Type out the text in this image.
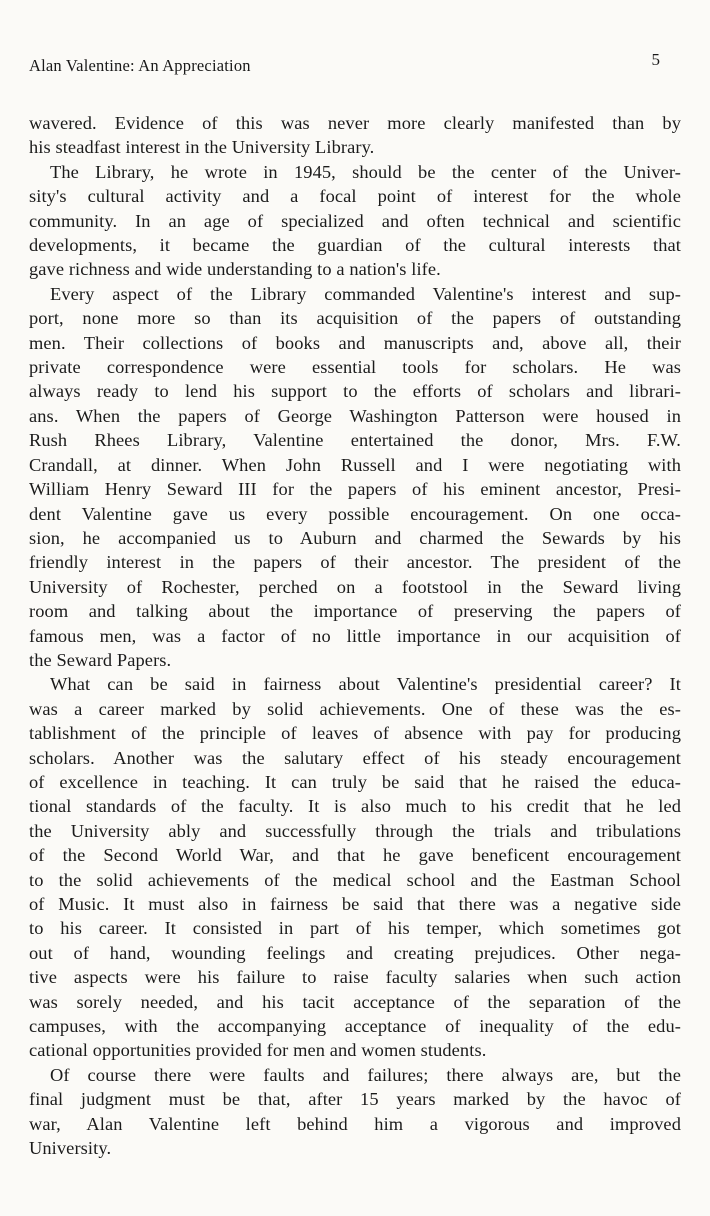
Alan Valentine: An Appreciation	5
wavered. Evidence of this was never more clearly manifested than by
his steadfast interest in the University Library.
The Library, he wrote in 1945, should be the center of the Univer-
sity's cultural activity and a focal point of interest for the whole
community. In an age of specialized and often technical and scientific
developments, it became the guardian of the cultural interests that
gave richness and wide understanding to a nation's life.
Every aspect of the Library commanded Valentine's interest and sup-
port, none more so than its acquisition of the papers of outstanding
men. Their collections of books and manuscripts and, above all, their
private correspondence were essential tools for scholars. He was
always ready to lend his support to the efforts of scholars and librari-
ans. When the papers of George Washington Patterson were housed in
Rush Rhees Library, Valentine entertained the donor, Mrs. F.W.
Crandall, at dinner. When John Russell and I were negotiating with
William Henry Seward III for the papers of his eminent ancestor, Presi-
dent Valentine gave us every possible encouragement. On one occa-
sion, he accompanied us to Auburn and charmed the Sewards by his
friendly interest in the papers of their ancestor. The president of the
University of Rochester, perched on a footstool in the Seward living
room and talking about the importance of preserving the papers of
famous men, was a factor of no little importance in our acquisition of
the Seward Papers.
What can be said in fairness about Valentine's presidential career? It
was a career marked by solid achievements. One of these was the es-
tablishment of the principle of leaves of absence with pay for producing
scholars. Another was the salutary effect of his steady encouragement
of excellence in teaching. It can truly be said that he raised the educa-
tional standards of the faculty. It is also much to his credit that he led
the University ably and successfully through the trials and tribulations
of the Second World War, and that he gave beneficent encouragement
to the solid achievements of the medical school and the Eastman School
of Music. It must also in fairness be said that there was a negative side
to his career. It consisted in part of his temper, which sometimes got
out of hand, wounding feelings and creating prejudices. Other nega-
tive aspects were his failure to raise faculty salaries when such action
was sorely needed, and his tacit acceptance of the separation of the
campuses, with the accompanying acceptance of inequality of the edu-
cational opportunities provided for men and women students.
Of course there were faults and failures; there always are, but the
final judgment must be that, after 15 years marked by the havoc of
war, Alan Valentine left behind him a vigorous and improved
University.
